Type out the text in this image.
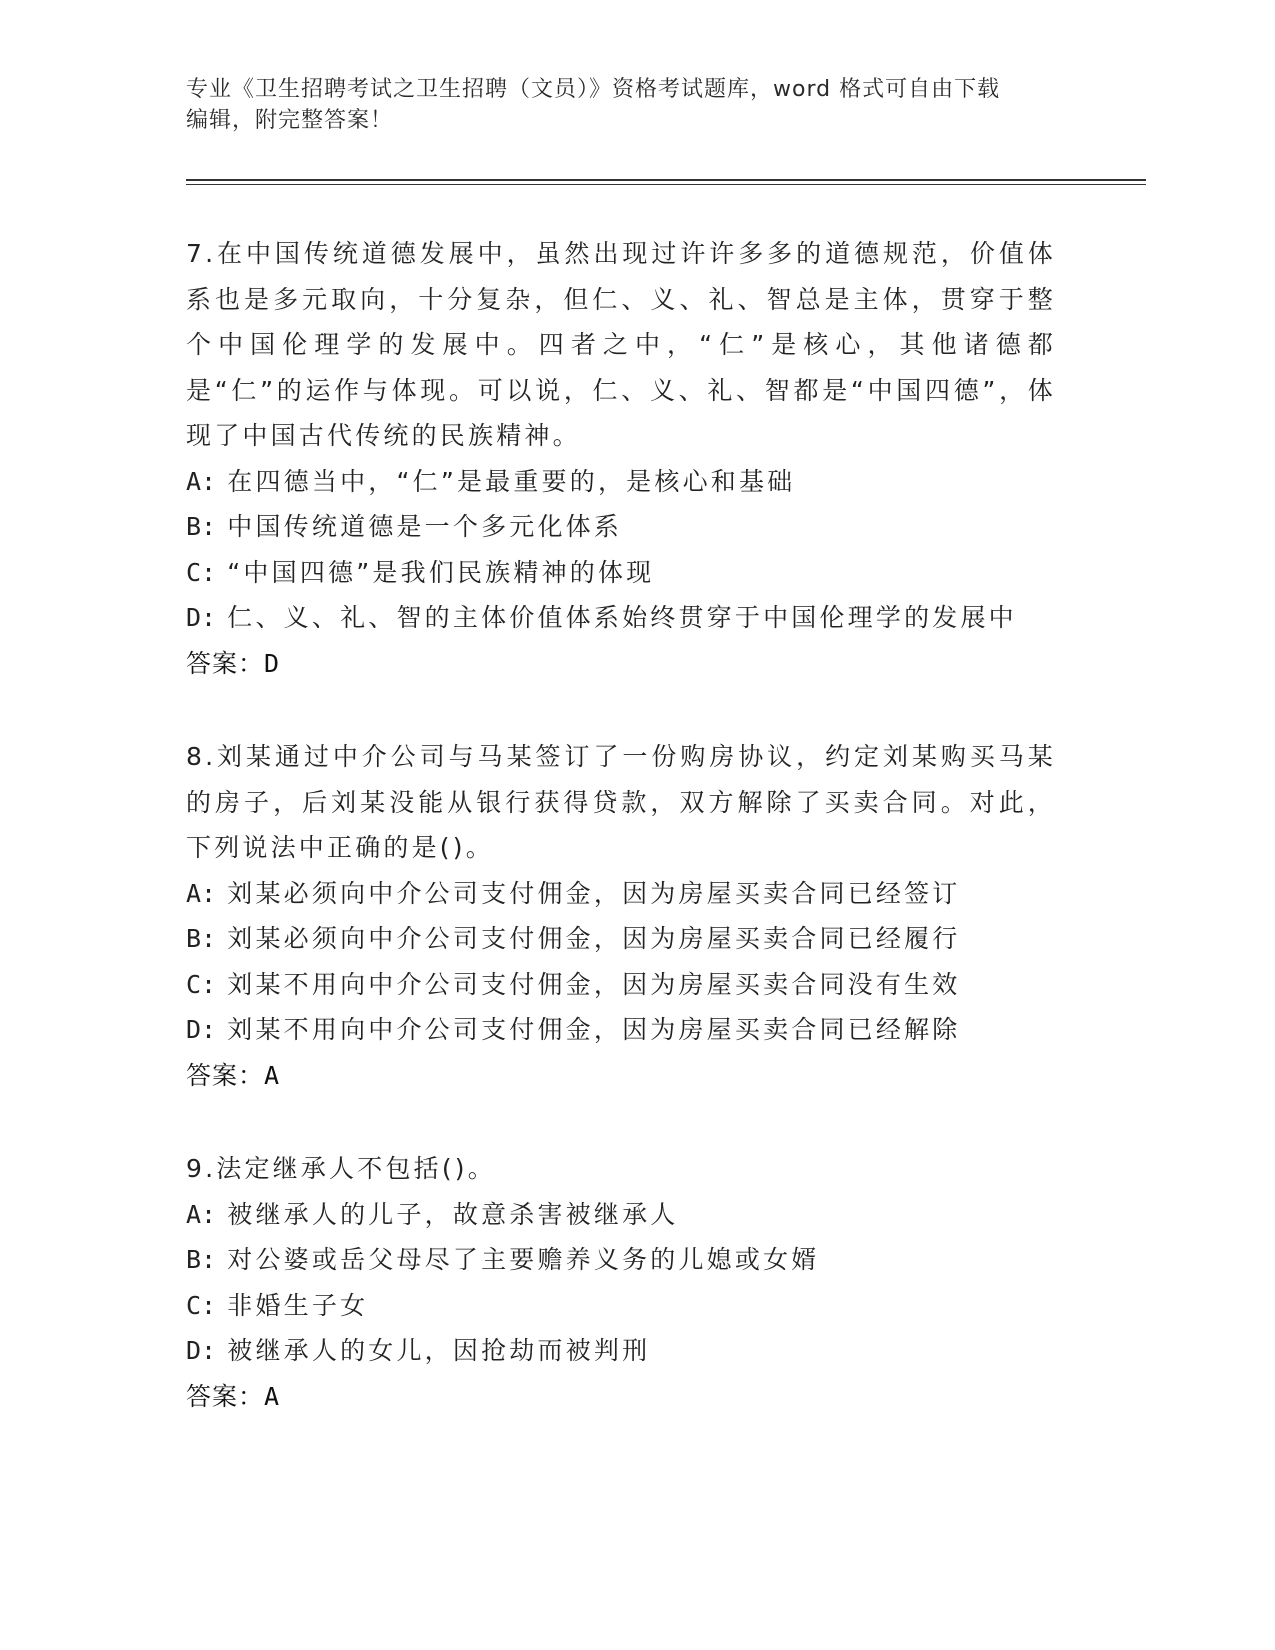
专业《卫生招聘考试之卫生招聘（文员）》资格考试题库，word 格式可自由下载
编辑，附完整答案！
7.在中国传统道德发展中，虽然出现过许许多多的道德规范，价值体系也是多元取向，十分复杂，但仁、义、礼、智总是主体，贯穿于整个中国伦理学的发展中。四者之中，“仁”是核心，其他诸德都是“仁”的运作与体现。可以说，仁、义、礼、智都是“中国四德”，体现了中国古代传统的民族精神。
A: 在四德当中，“仁”是最重要的，是核心和基础
B: 中国传统道德是一个多元化体系
C: “中国四德”是我们民族精神的体现
D: 仁、义、礼、智的主体价值体系始终贯穿于中国伦理学的发展中
答案：D
8.刘某通过中介公司与马某签订了一份购房协议，约定刘某购买马某的房子，后刘某没能从银行获得贷款，双方解除了买卖合同。对此，下列说法中正确的是()。
A: 刘某必须向中介公司支付佣金，因为房屋买卖合同已经签订
B: 刘某必须向中介公司支付佣金，因为房屋买卖合同已经履行
C: 刘某不用向中介公司支付佣金，因为房屋买卖合同没有生效
D: 刘某不用向中介公司支付佣金，因为房屋买卖合同已经解除
答案：A
9.法定继承人不包括()。
A: 被继承人的儿子，故意杀害被继承人
B: 对公婆或岳父母尽了主要赡养义务的儿媳或女婿
C: 非婚生子女
D: 被继承人的女儿，因抢劫而被判刑
答案：A
